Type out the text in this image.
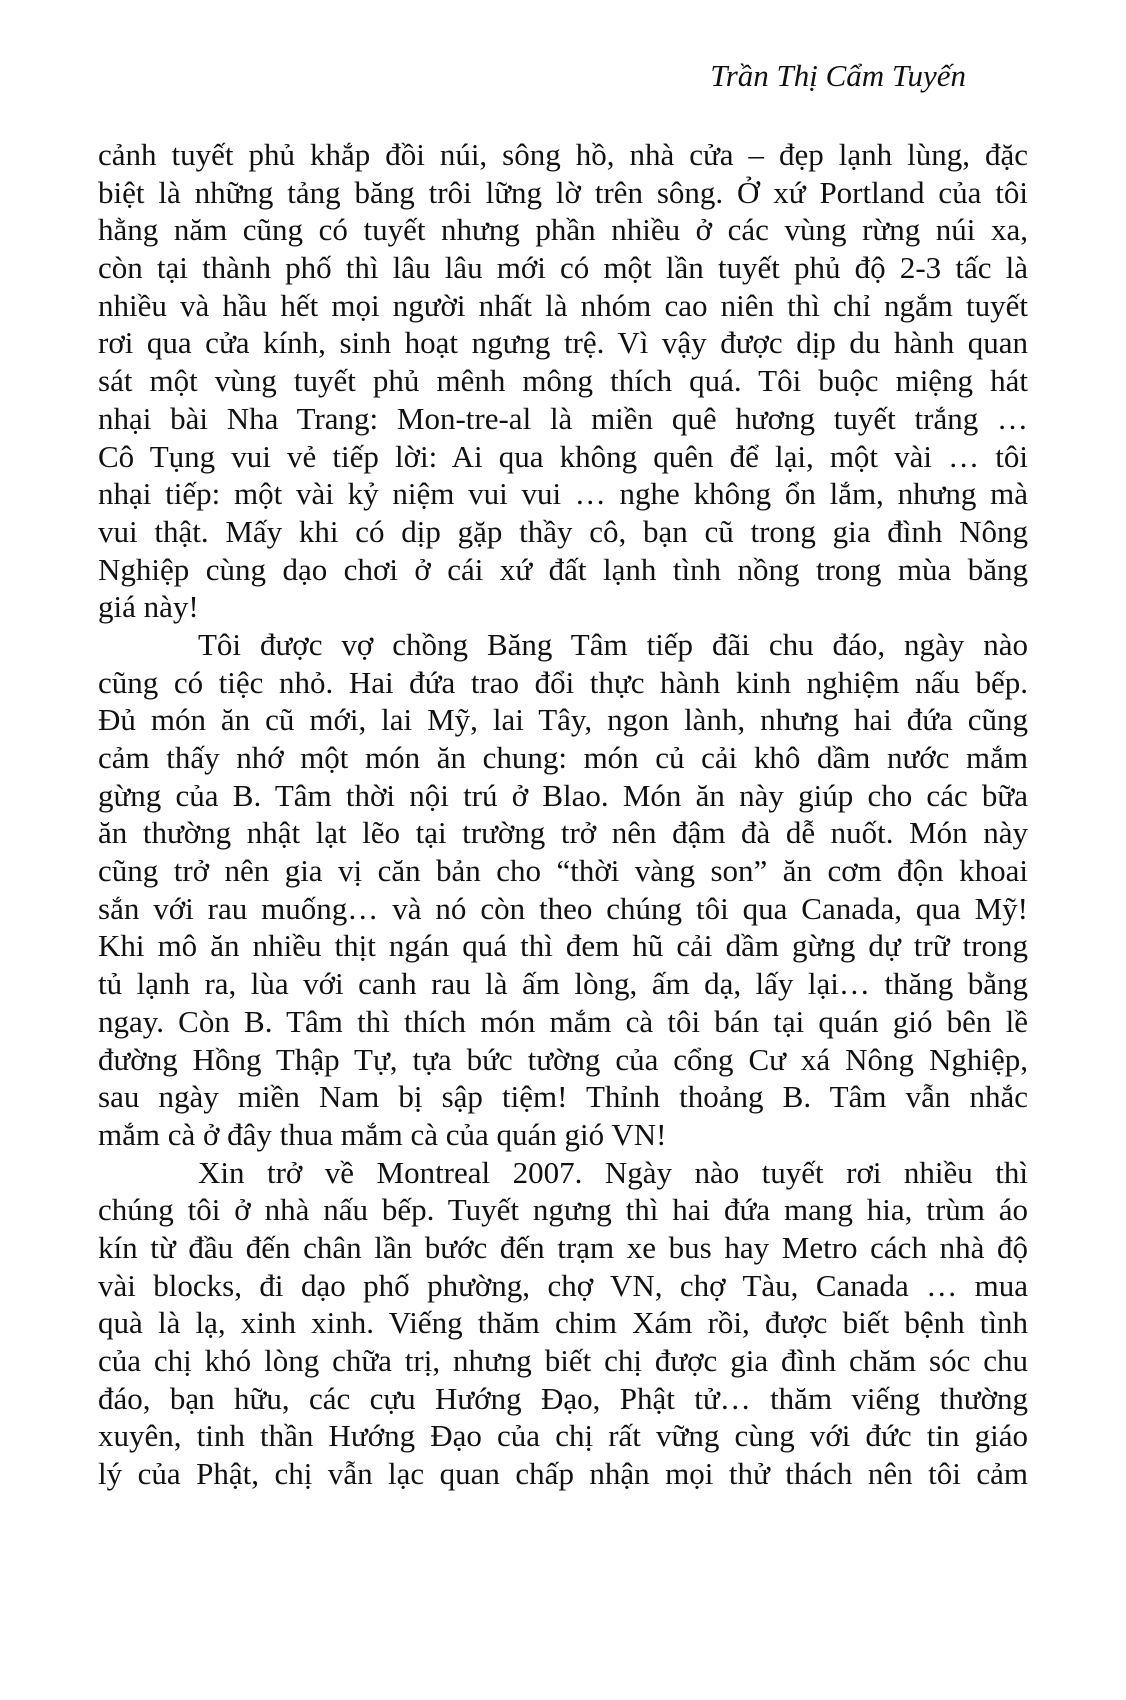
Trần Thị Cẩm Tuyến
cảnh tuyết phủ khắp đồi núi, sông hồ, nhà cửa – đẹp lạnh lùng, đặc
biệt là những tảng băng trôi lững lờ trên sông. Ở xứ Portland của tôi
hằng năm cũng có tuyết nhưng phần nhiều ở các vùng rừng núi xa,
còn tại thành phố thì lâu lâu mới có một lần tuyết phủ độ 2-3 tấc là
nhiều và hầu hết mọi người nhất là nhóm cao niên thì chỉ ngắm tuyết
rơi qua cửa kính, sinh hoạt ngưng trệ. Vì vậy được dịp du hành quan
sát một vùng tuyết phủ mênh mông thích quá. Tôi buộc miệng hát
nhại bài Nha Trang: Mon-tre-al là miền quê hương tuyết trắng …
Cô Tụng vui vẻ tiếp lời: Ai qua không quên để lại, một vài … tôi
nhại tiếp: một vài kỷ niệm vui vui … nghe không ổn lắm, nhưng mà
vui thật. Mấy khi có dịp gặp thầy cô, bạn cũ trong gia đình Nông
Nghiệp cùng dạo chơi ở cái xứ đất lạnh tình nồng trong mùa băng
giá này!
Tôi được vợ chồng Băng Tâm tiếp đãi chu đáo, ngày nào
cũng có tiệc nhỏ. Hai đứa trao đổi thực hành kinh nghiệm nấu bếp.
Đủ món ăn cũ mới, lai Mỹ, lai Tây, ngon lành, nhưng hai đứa cũng
cảm thấy nhớ một món ăn chung: món củ cải khô dầm nước mắm
gừng của B. Tâm thời nội trú ở Blao. Món ăn này giúp cho các bữa
ăn thường nhật lạt lẽo tại trường trở nên đậm đà dễ nuốt. Món này
cũng trở nên gia vị căn bản cho “thời vàng son” ăn cơm độn khoai
sắn với rau muống… và nó còn theo chúng tôi qua Canada, qua Mỹ!
Khi mô ăn nhiều thịt ngán quá thì đem hũ cải dầm gừng dự trữ trong
tủ lạnh ra, lùa với canh rau là ấm lòng, ấm dạ, lấy lại… thăng bằng
ngay. Còn B. Tâm thì thích món mắm cà tôi bán tại quán gió bên lề
đường Hồng Thập Tự, tựa bức tường của cổng Cư xá Nông Nghiệp,
sau ngày miền Nam bị sập tiệm! Thỉnh thoảng B. Tâm vẫn nhắc
mắm cà ở đây thua mắm cà của quán gió VN!
Xin trở về Montreal 2007. Ngày nào tuyết rơi nhiều thì
chúng tôi ở nhà nấu bếp. Tuyết ngưng thì hai đứa mang hia, trùm áo
kín từ đầu đến chân lần bước đến trạm xe bus hay Metro cách nhà độ
vài blocks, đi dạo phố phường, chợ VN, chợ Tàu, Canada … mua
quà là lạ, xinh xinh. Viếng thăm chim Xám rồi, được biết bệnh tình
của chị khó lòng chữa trị, nhưng biết chị được gia đình chăm sóc chu
đáo, bạn hữu, các cựu Hướng Đạo, Phật tử… thăm viếng thường
xuyên, tinh thần Hướng Đạo của chị rất vững cùng với đức tin giáo
lý của Phật, chị vẫn lạc quan chấp nhận mọi thử thách nên tôi cảm
